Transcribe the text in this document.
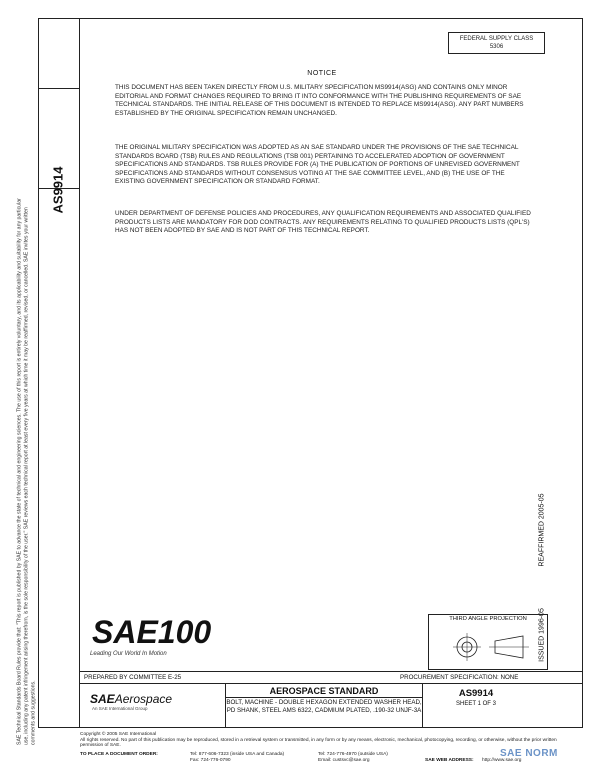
AS9914
SAE Technical Standards Board Rules provide that: "This report is published by SAE to advance the state of technical and engineering sciences. The use of this report is entirely voluntary, and its applicability and suitability for any particular use, including any patent infringement arising therefrom, is the sole responsibility of the user." SAE reviews each technical report at least every five years at which time it may be reaffirmed, revised, or cancelled. SAE invites your written comments and suggestions.
FEDERAL SUPPLY CLASS
5306
NOTICE
THIS DOCUMENT HAS BEEN TAKEN DIRECTLY FROM U.S. MILITARY SPECIFICATION MS9914(ASG) AND CONTAINS ONLY MINOR EDITORIAL AND FORMAT CHANGES REQUIRED TO BRING IT INTO CONFORMANCE WITH THE PUBLISHING REQUIREMENTS OF SAE TECHNICAL STANDARDS. THE INITIAL RELEASE OF THIS DOCUMENT IS INTENDED TO REPLACE MS9914(ASG). ANY PART NUMBERS ESTABLISHED BY THE ORIGINAL SPECIFICATION REMAIN UNCHANGED.
THE ORIGINAL MILITARY SPECIFICATION WAS ADOPTED AS AN SAE STANDARD UNDER THE PROVISIONS OF THE SAE TECHNICAL STANDARDS BOARD (TSB) RULES AND REGULATIONS (TSB 001) PERTAINING TO ACCELERATED ADOPTION OF GOVERNMENT SPECIFICATIONS AND STANDARDS. TSB RULES PROVIDE FOR (A) THE PUBLICATION OF PORTIONS OF UNREVISED GOVERNMENT SPECIFICATIONS AND STANDARDS WITHOUT CONSENSUS VOTING AT THE SAE COMMITTEE LEVEL, AND (B) THE USE OF THE EXISTING GOVERNMENT SPECIFICATION OR STANDARD FORMAT.
UNDER DEPARTMENT OF DEFENSE POLICIES AND PROCEDURES, ANY QUALIFICATION REQUIREMENTS AND ASSOCIATED QUALIFIED PRODUCTS LISTS ARE MANDATORY FOR DOD CONTRACTS. ANY REQUIREMENTS RELATING TO QUALIFIED PRODUCTS LISTS (QPL'S) HAS NOT BEEN ADOPTED BY SAE AND IS NOT PART OF THIS TECHNICAL REPORT.
REAFFIRMED 2005-05
ISSUED 1996-05
THIRD ANGLE PROJECTION
SAE100
Leading Our World In Motion
PREPARED BY COMMITTEE E-25	PROCUREMENT SPECIFICATION: NONE
SAEAerospace
An SAE International Group
AEROSPACE STANDARD
BOLT, MACHINE - DOUBLE HEXAGON EXTENDED WASHER HEAD, PD SHANK, STEEL AMS 6322, CADMIUM PLATED, .190-32 UNJF-3A
AS9914
SHEET 1 OF 3
Copyright © 2005 SAE International
All rights reserved. No part of this publication may be reproduced, stored in a retrieval system or transmitted, in any form or by any means, electronic, mechanical, photocopying, recording, or otherwise, without the prior written permission of SAE.
TO PLACE A DOCUMENT ORDER:	Tel: 877-606-7323 (inside USA and Canada)
Fax: 724-776-0790
Tel: 724-776-4970 (outside USA)
Email: custsvc@sae.org	SAE WEB ADDRESS: http://www.sae.org
SAE NORM
